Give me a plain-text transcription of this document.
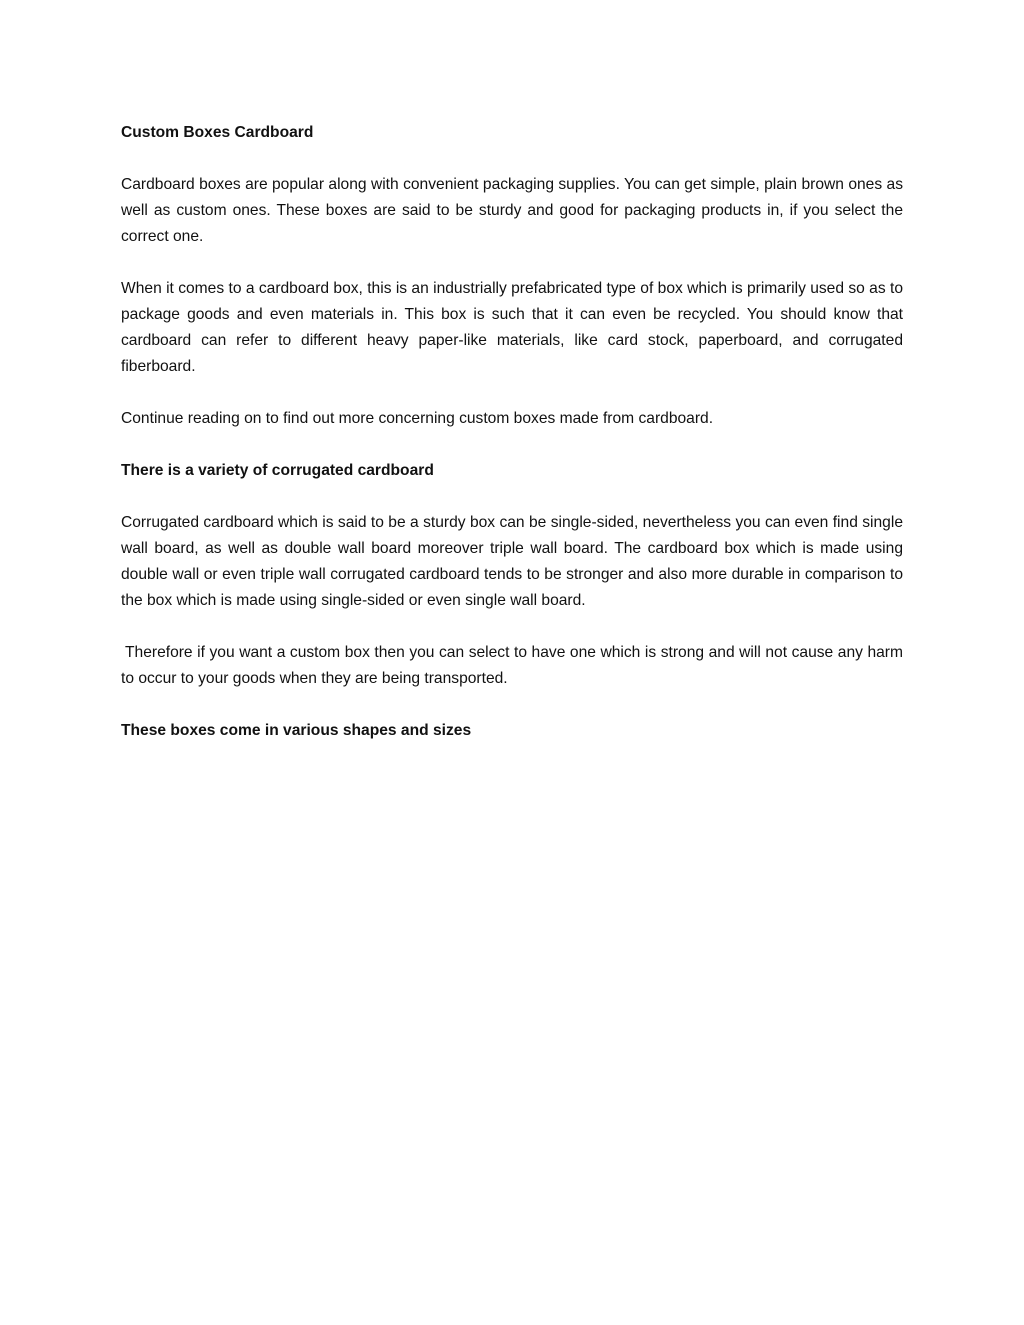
Custom Boxes Cardboard

Cardboard boxes are popular along with convenient packaging supplies. You can get simple, plain brown ones as well as custom ones. These boxes are said to be sturdy and good for packaging products in, if you select the correct one.

When it comes to a cardboard box, this is an industrially prefabricated type of box which is primarily used so as to package goods and even materials in. This box is such that it can even be recycled. You should know that cardboard can refer to different heavy paper-like materials, like card stock, paperboard, and corrugated fiberboard.

Continue reading on to find out more concerning custom boxes made from cardboard.

There is a variety of corrugated cardboard

Corrugated cardboard which is said to be a sturdy box can be single-sided, nevertheless you can even find single wall board, as well as double wall board moreover triple wall board. The cardboard box which is made using double wall or even triple wall corrugated cardboard tends to be stronger and also more durable in comparison to the box which is made using single-sided or even single wall board.

Therefore if you want a custom box then you can select to have one which is strong and will not cause any harm to occur to your goods when they are being transported.

These boxes come in various shapes and sizes
